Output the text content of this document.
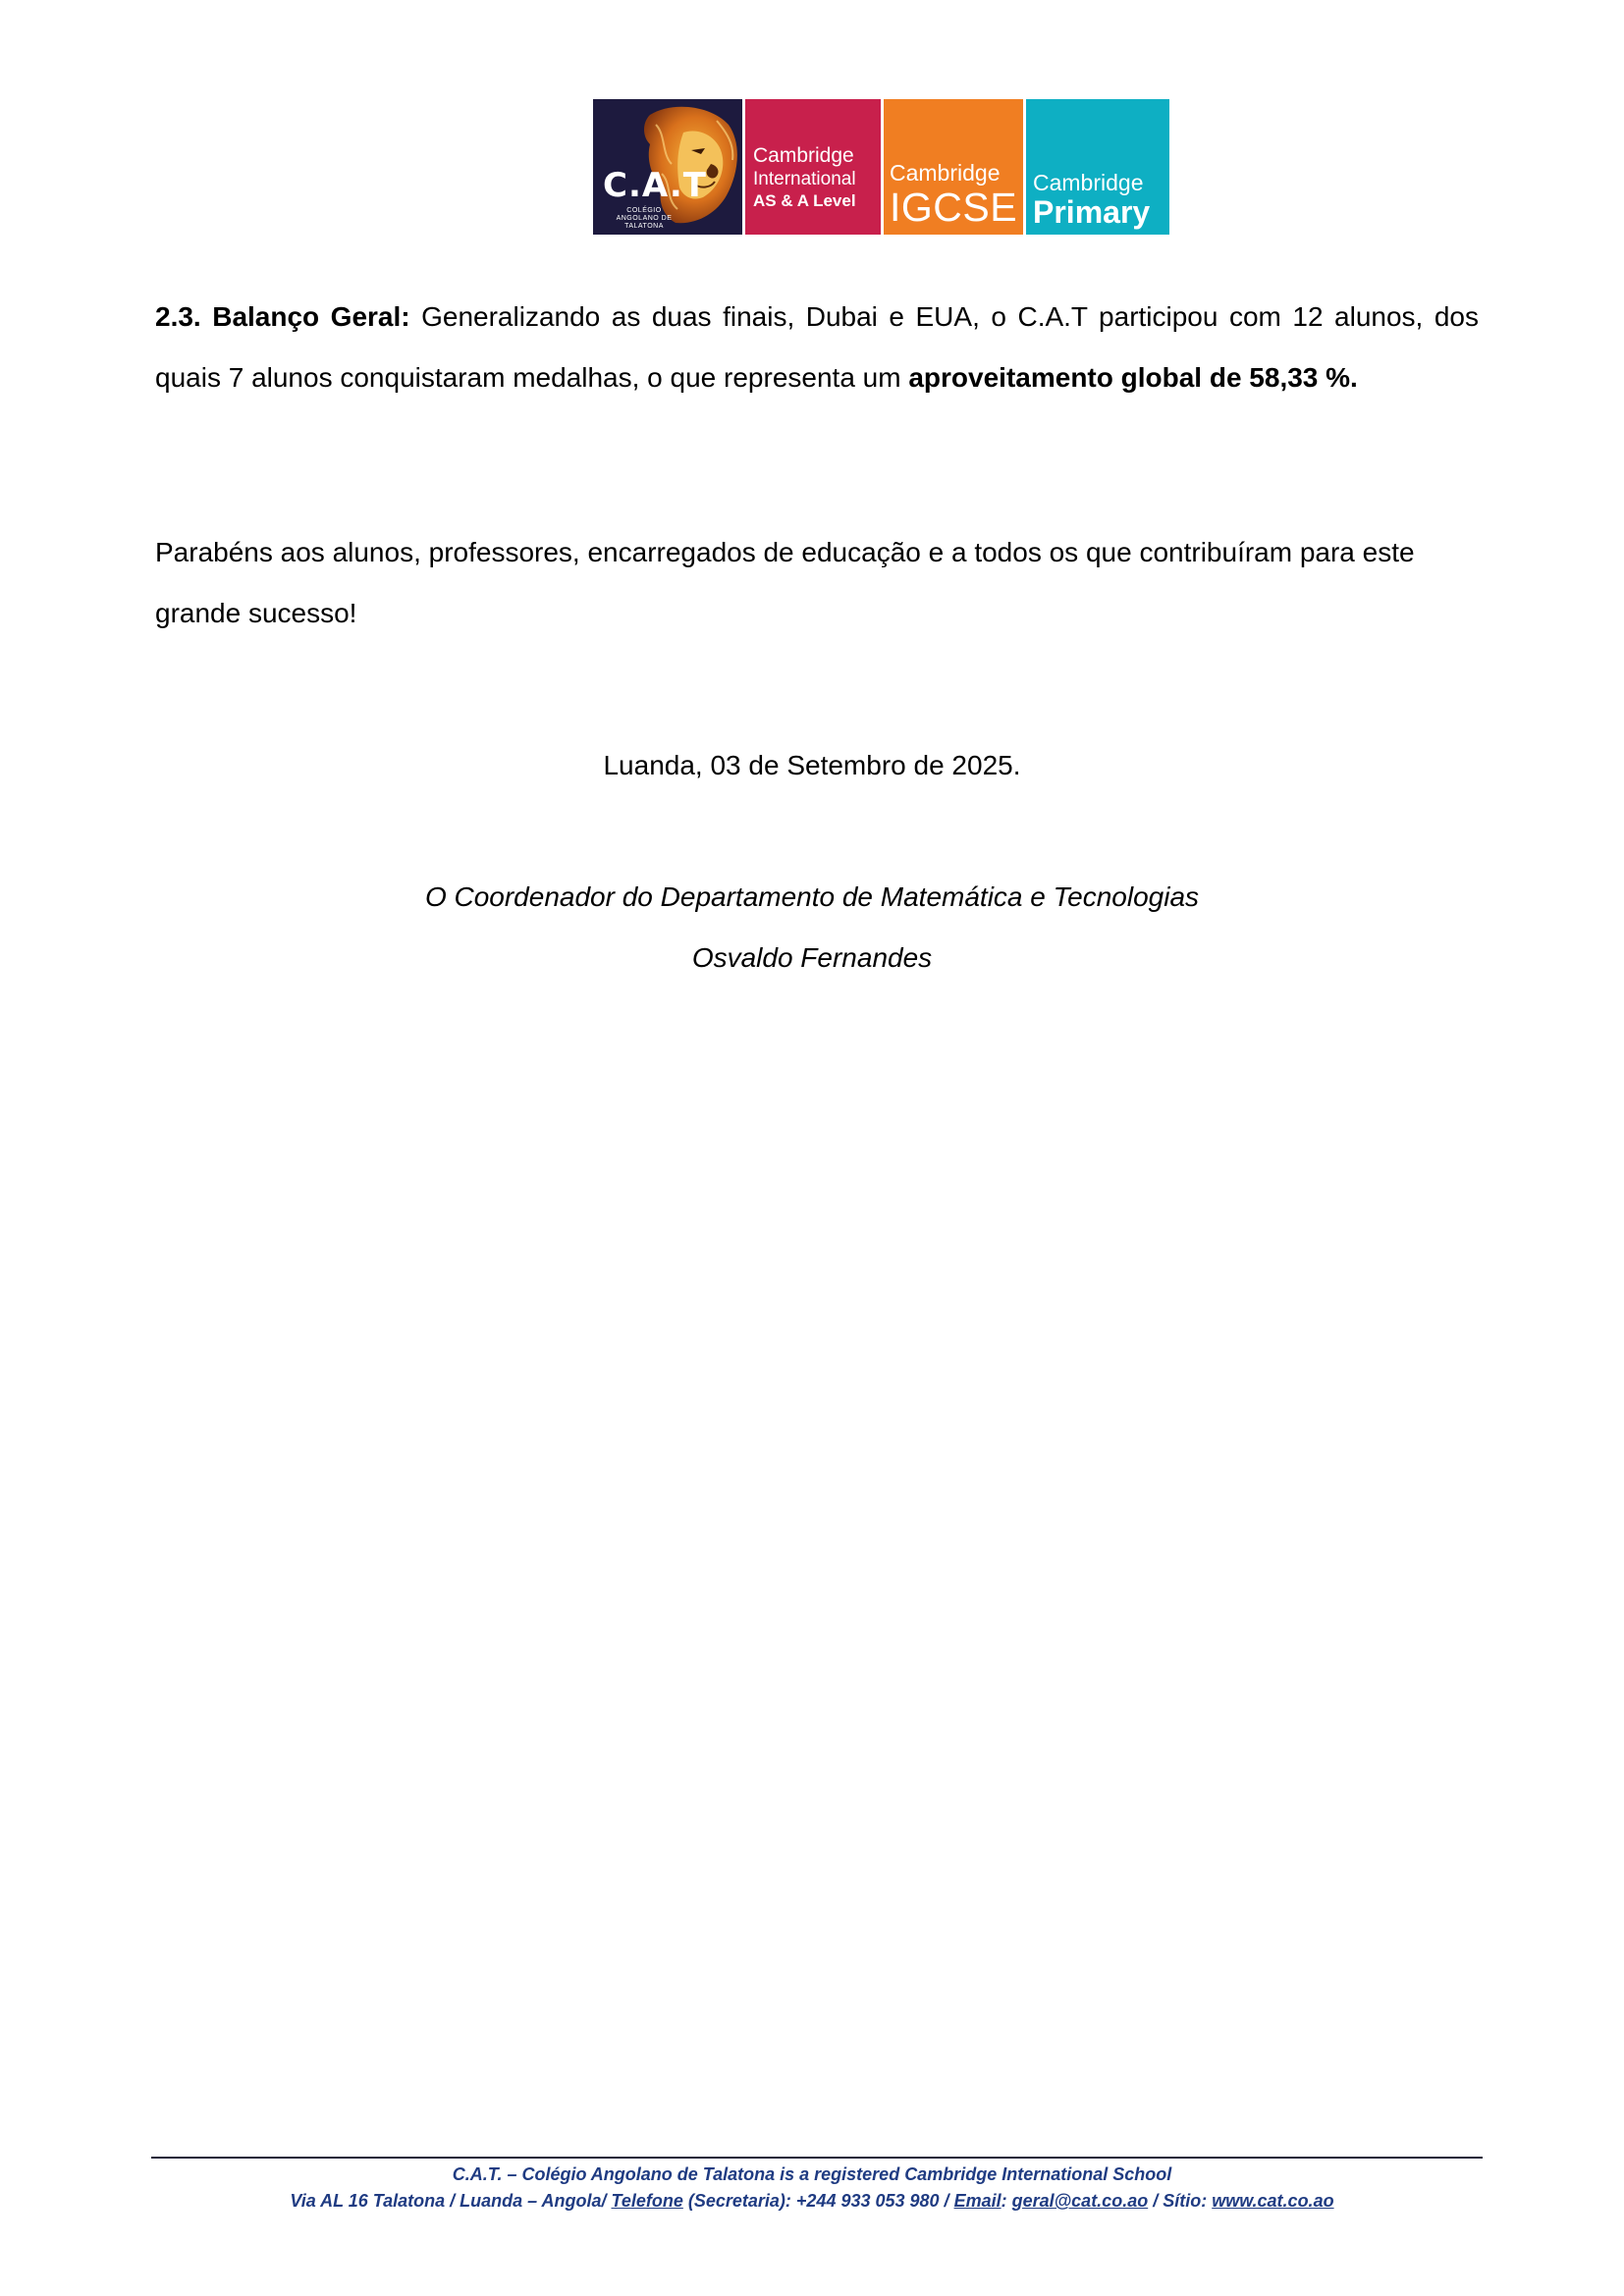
C.A.T
COLÉGIO ANGOLANO DE TALATONA
Cambridge
International
AS & A Level
Cambridge
IGCSE
Cambridge
Primary

2.3. Balanço Geral: Generalizando as duas finais, Dubai e EUA, o C.A.T participou com 12 alunos, dos quais 7 alunos conquistaram medalhas, o que representa um aproveitamento global de 58,33 %.

Parabéns aos alunos, professores, encarregados de educação e a todos os que contribuíram para este grande sucesso!

Luanda, 03 de Setembro de 2025.
O Coordenador do Departamento de Matemática e Tecnologias
Osvaldo Fernandes
C.A.T. – Colégio Angolano de Talatona is a registered Cambridge International School
Via AL 16 Talatona / Luanda – Angola/ Telefone (Secretaria): +244 933 053 980 / Email: geral@cat.co.ao / Sítio: www.cat.co.ao
